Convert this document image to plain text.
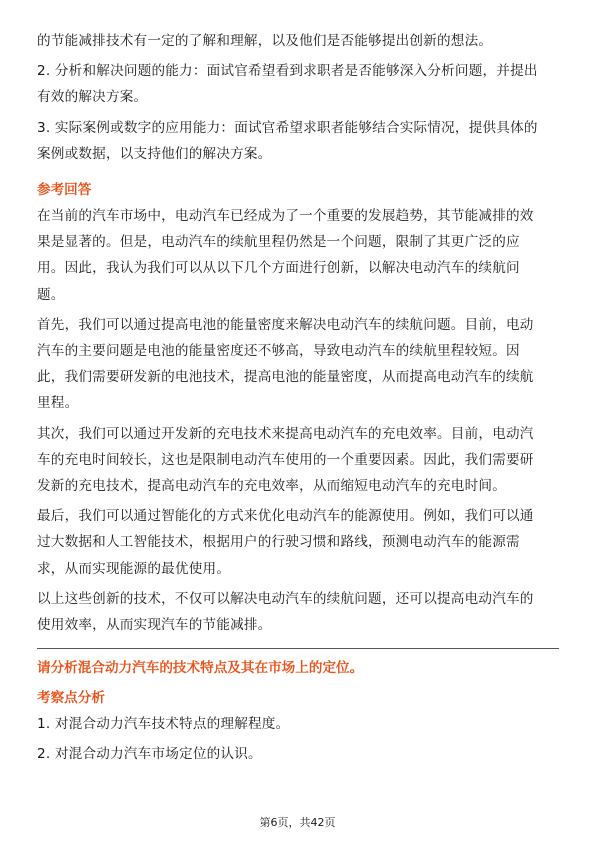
的节能减排技术有一定的了解和理解，以及他们是否能够提出创新的想法。

2. 分析和解决问题的能力：面试官希望看到求职者是否能够深入分析问题，并提出

有效的解决方案。

3. 实际案例或数字的应用能力：面试官希望求职者能够结合实际情况，提供具体的

案例或数据，以支持他们的解决方案。

参考回答

在当前的汽车市场中，电动汽车已经成为了一个重要的发展趋势，其节能减排的效

果是显著的。但是，电动汽车的续航里程仍然是一个问题，限制了其更广泛的应

用。因此，我认为我们可以从以下几个方面进行创新，以解决电动汽车的续航问

题。

首先，我们可以通过提高电池的能量密度来解决电动汽车的续航问题。目前，电动

汽车的主要问题是电池的能量密度还不够高，导致电动汽车的续航里程较短。因

此，我们需要研发新的电池技术，提高电池的能量密度，从而提高电动汽车的续航

里程。

其次，我们可以通过开发新的充电技术来提高电动汽车的充电效率。目前，电动汽

车的充电时间较长，这也是限制电动汽车使用的一个重要因素。因此，我们需要研

发新的充电技术，提高电动汽车的充电效率，从而缩短电动汽车的充电时间。

最后，我们可以通过智能化的方式来优化电动汽车的能源使用。例如，我们可以通

过大数据和人工智能技术，根据用户的行驶习惯和路线，预测电动汽车的能源需

求，从而实现能源的最优使用。

以上这些创新的技术，不仅可以解决电动汽车的续航问题，还可以提高电动汽车的

使用效率，从而实现汽车的节能减排。

请分析混合动力汽车的技术特点及其在市场上的定位。

考察点分析

1. 对混合动力汽车技术特点的理解程度。

2. 对混合动力汽车市场定位的认识。

第6页，共42页
